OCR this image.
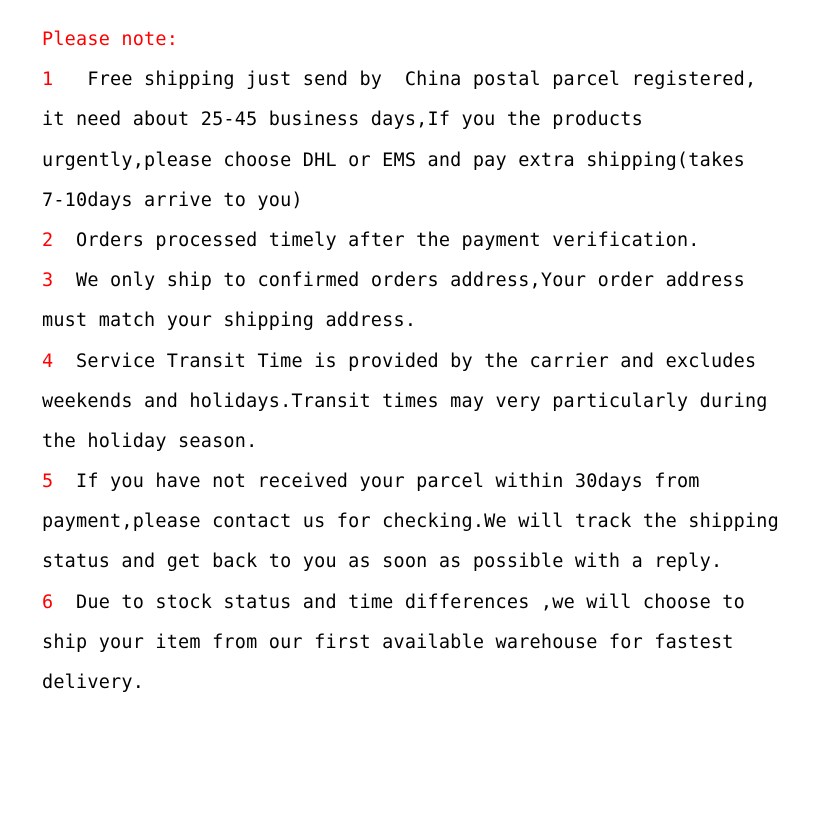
Please note:
1 Free shipping just send by  China postal parcel registered,
it need about 25-45 business days,If you the products
urgently,please choose DHL or EMS and pay extra shipping(takes
7-10days arrive to you)
2 Orders processed timely after the payment verification.
3 We only ship to confirmed orders address,Your order address
must match your shipping address.
4 Service Transit Time is provided by the carrier and excludes
weekends and holidays.Transit times may very particularly during
the holiday season.
5 If you have not received your parcel within 30days from
payment,please contact us for checking.We will track the shipping
status and get back to you as soon as possible with a reply.
6 Due to stock status and time differences ,we will choose to
ship your item from our first available warehouse for fastest
delivery.
